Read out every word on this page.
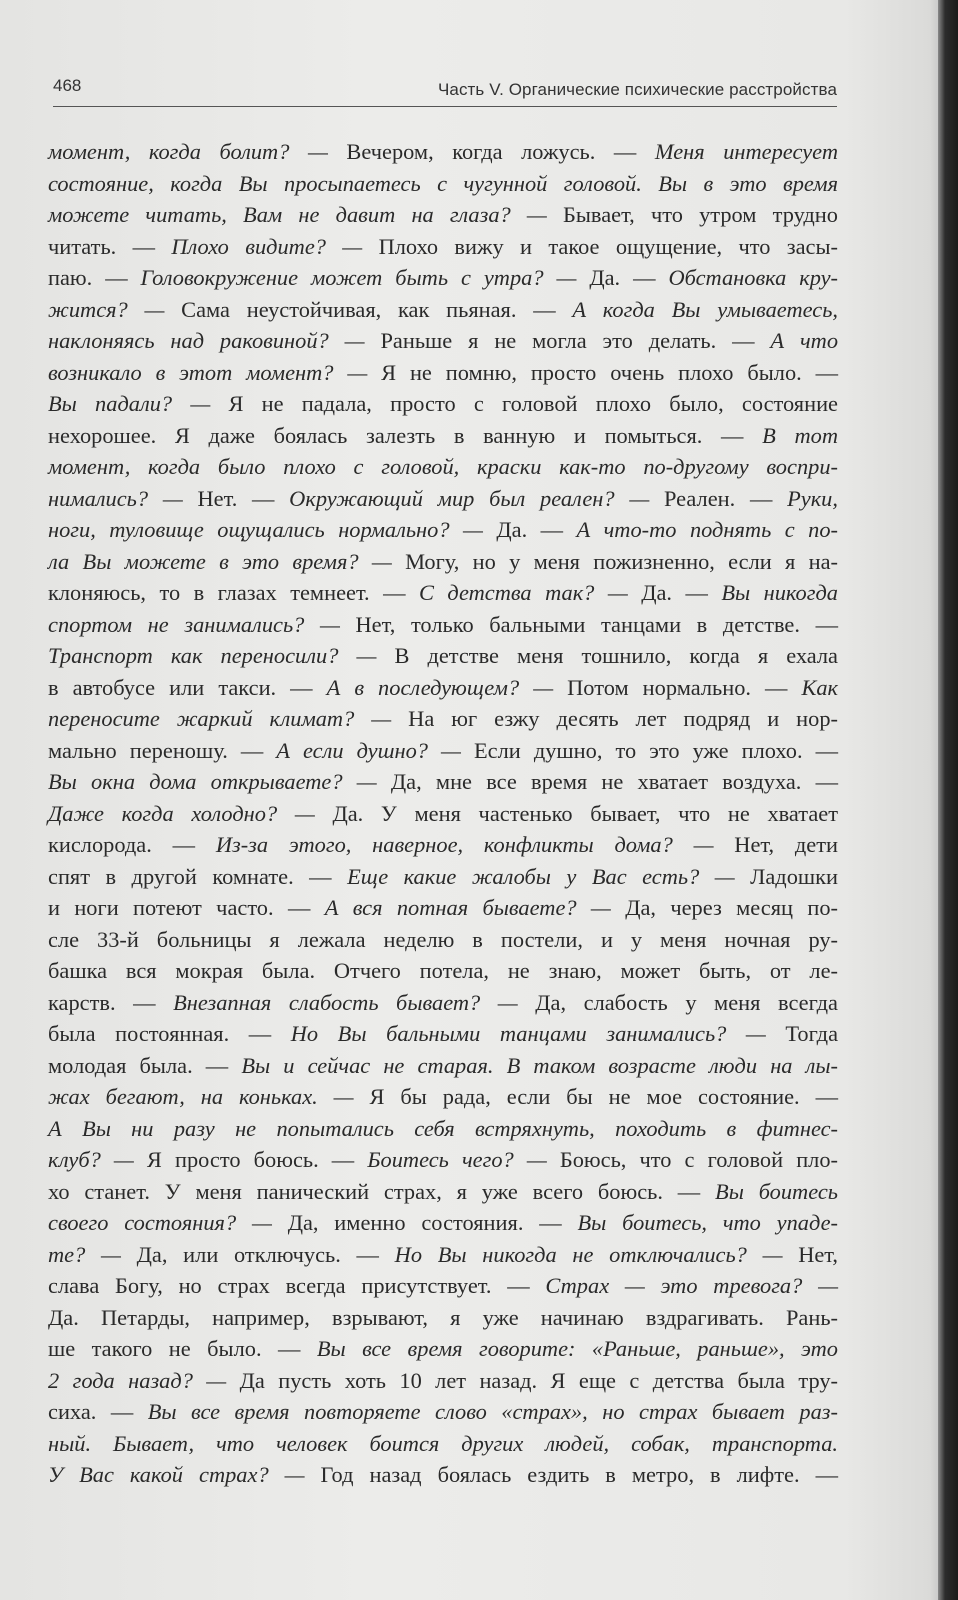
468	Часть V. Органические психические расстройства
момент, когда болит? — Вечером, когда ложусь. — Меня интересует
состояние, когда Вы просыпаетесь с чугунной головой. Вы в это время
можете читать, Вам не давит на глаза? — Бывает, что утром трудно
читать. — Плохо видите? — Плохо вижу и такое ощущение, что засы-
паю. — Головокружение может быть с утра? — Да. — Обстановка кру-
жится? — Сама неустойчивая, как пьяная. — А когда Вы умываетесь,
наклоняясь над раковиной? — Раньше я не могла это делать. — А что
возникало в этот момент? — Я не помню, просто очень плохо было. —
Вы падали? — Я не падала, просто с головой плохо было, состояние
нехорошее. Я даже боялась залезть в ванную и помыться. — В тот
момент, когда было плохо с головой, краски как-то по-другому воспри-
нимались? — Нет. — Окружающий мир был реален? — Реален. — Руки,
ноги, туловище ощущались нормально? — Да. — А что-то поднять с по-
ла Вы можете в это время? — Могу, но у меня пожизненно, если я на-
клоняюсь, то в глазах темнеет. — С детства так? — Да. — Вы никогда
спортом не занимались? — Нет, только бальными танцами в детстве. —
Транспорт как переносили? — В детстве меня тошнило, когда я ехала
в автобусе или такси. — А в последующем? — Потом нормально. — Как
переносите жаркий климат? — На юг езжу десять лет подряд и нор-
мально переношу. — А если душно? — Если душно, то это уже плохо. —
Вы окна дома открываете? — Да, мне все время не хватает воздуха. —
Даже когда холодно? — Да. У меня частенько бывает, что не хватает
кислорода. — Из-за этого, наверное, конфликты дома? — Нет, дети
спят в другой комнате. — Еще какие жалобы у Вас есть? — Ладошки
и ноги потеют часто. — А вся потная бываете? — Да, через месяц по-
сле 33-й больницы я лежала неделю в постели, и у меня ночная ру-
башка вся мокрая была. Отчего потела, не знаю, может быть, от ле-
карств. — Внезапная слабость бывает? — Да, слабость у меня всегда
была постоянная. — Но Вы бальными танцами занимались? — Тогда
молодая была. — Вы и сейчас не старая. В таком возрасте люди на лы-
жах бегают, на коньках. — Я бы рада, если бы не мое состояние. —
А Вы ни разу не попытались себя встряхнуть, походить в фитнес-
клуб? — Я просто боюсь. — Боитесь чего? — Боюсь, что с головой пло-
хо станет. У меня панический страх, я уже всего боюсь. — Вы боитесь
своего состояния? — Да, именно состояния. — Вы боитесь, что упаде-
те? — Да, или отключусь. — Но Вы никогда не отключались? — Нет,
слава Богу, но страх всегда присутствует. — Страх — это тревога? —
Да. Петарды, например, взрывают, я уже начинаю вздрагивать. Рань-
ше такого не было. — Вы все время говорите: «Раньше, раньше», это
2 года назад? — Да пусть хоть 10 лет назад. Я еще с детства была тру-
сиха. — Вы все время повторяете слово «страх», но страх бывает раз-
ный. Бывает, что человек боится других людей, собак, транспорта.
У Вас какой страх? — Год назад боялась ездить в метро, в лифте. —
